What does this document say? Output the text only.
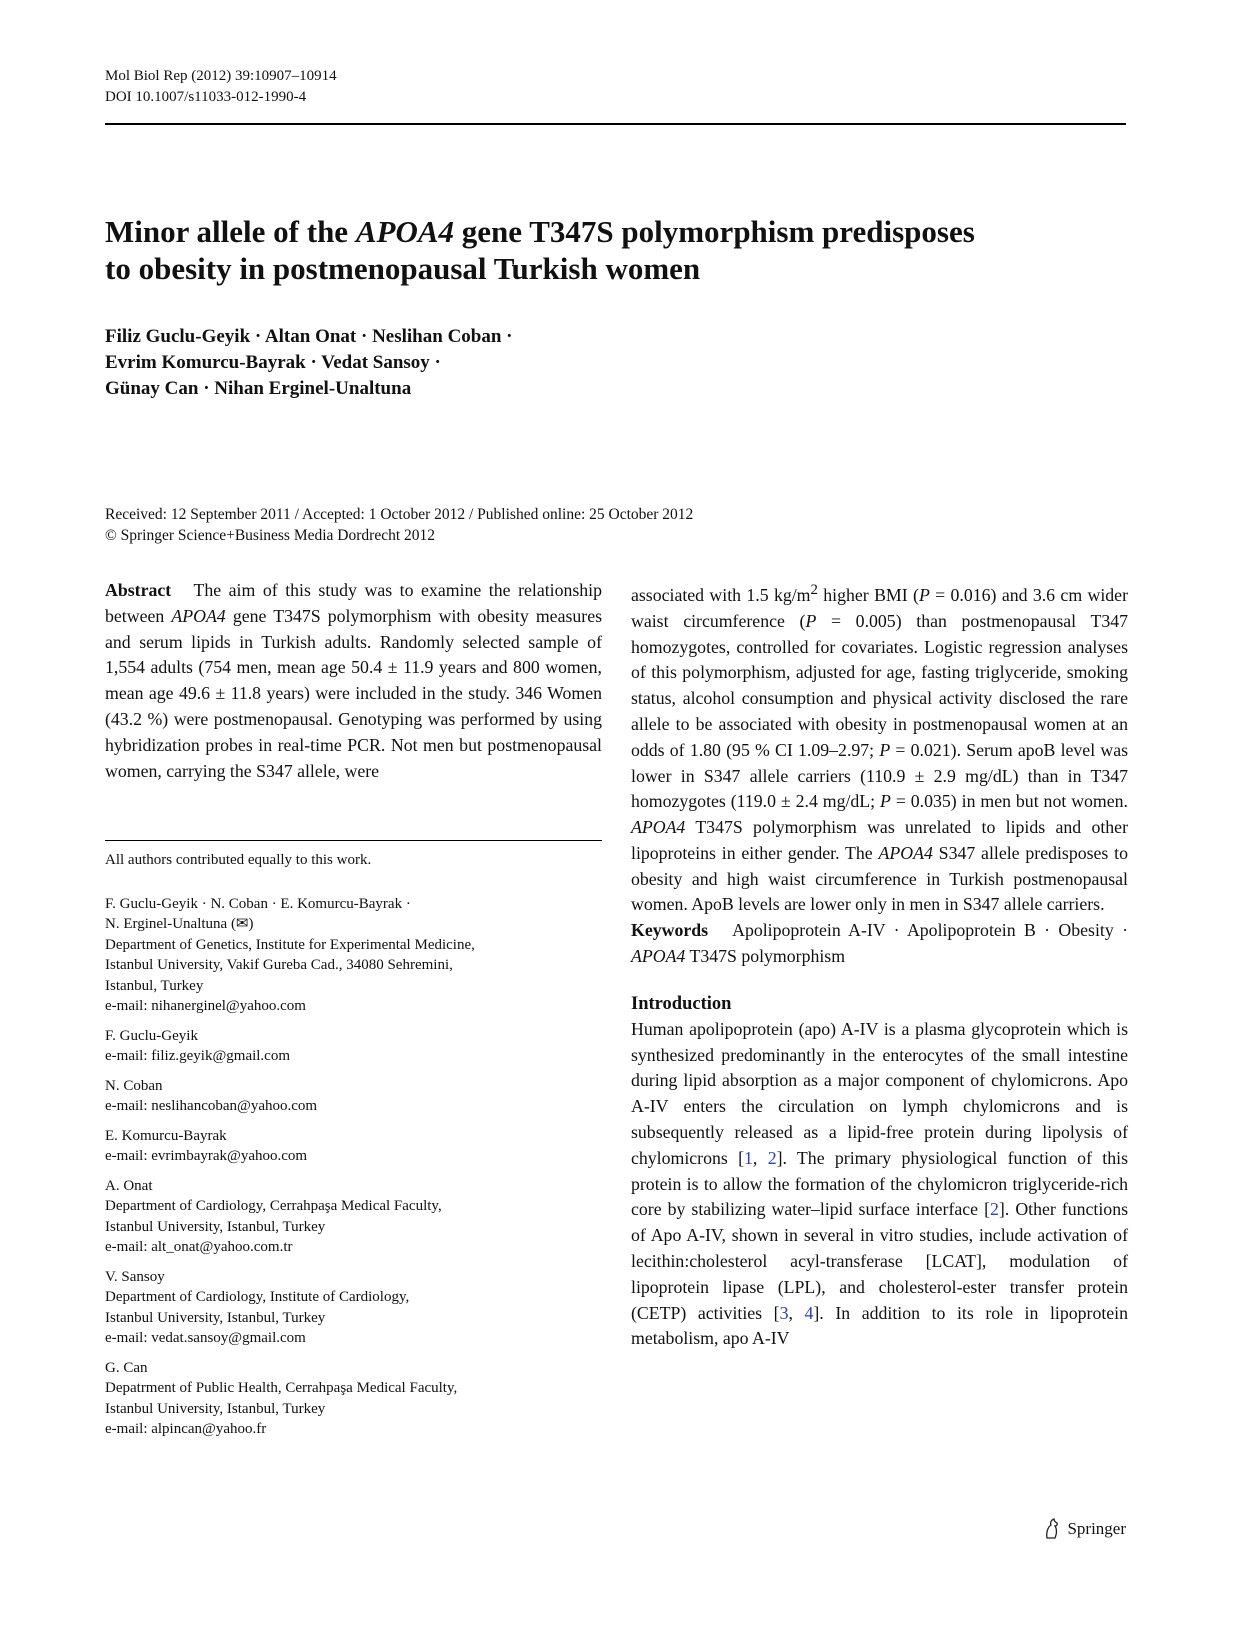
Mol Biol Rep (2012) 39:10907–10914
DOI 10.1007/s11033-012-1990-4
Minor allele of the APOA4 gene T347S polymorphism predisposes
to obesity in postmenopausal Turkish women
Filiz Guclu-Geyik · Altan Onat · Neslihan Coban ·
Evrim Komurcu-Bayrak · Vedat Sansoy ·
Günay Can · Nihan Erginel-Unaltuna
Received: 12 September 2011 / Accepted: 1 October 2012 / Published online: 25 October 2012
© Springer Science+Business Media Dordrecht 2012

Abstract The aim of this study was to examine the relationship between APOA4 gene T347S polymorphism with obesity measures and serum lipids in Turkish adults. Randomly selected sample of 1,554 adults (754 men, mean age 50.4 ± 11.9 years and 800 women, mean age 49.6 ± 11.8 years) were included in the study. 346 Women (43.2 %) were postmenopausal. Genotyping was performed by using hybridization probes in real-time PCR. Not men but postmenopausal women, carrying the S347 allele, were

All authors contributed equally to this work.
F. Guclu-Geyik · N. Coban · E. Komurcu-Bayrak ·
N. Erginel-Unaltuna (✉)
Department of Genetics, Institute for Experimental Medicine,
Istanbul University, Vakif Gureba Cad., 34080 Sehremini,
Istanbul, Turkey
e-mail: nihanerginel@yahoo.com
F. Guclu-Geyik
e-mail: filiz.geyik@gmail.com
N. Coban
e-mail: neslihancoban@yahoo.com
E. Komurcu-Bayrak
e-mail: evrimbayrak@yahoo.com
A. Onat
Department of Cardiology, Cerrahpaşa Medical Faculty,
Istanbul University, Istanbul, Turkey
e-mail: alt_onat@yahoo.com.tr
V. Sansoy
Department of Cardiology, Institute of Cardiology,
Istanbul University, Istanbul, Turkey
e-mail: vedat.sansoy@gmail.com
G. Can
Depatrment of Public Health, Cerrahpaşa Medical Faculty,
Istanbul University, Istanbul, Turkey
e-mail: alpincan@yahoo.fr

associated with 1.5 $kg/m^2$ higher BMI (P = 0.016) and 3.6 cm wider waist circumference (P = 0.005) than postmenopausal T347 homozygotes, controlled for covariates. Logistic regression analyses of this polymorphism, adjusted for age, fasting triglyceride, smoking status, alcohol consumption and physical activity disclosed the rare allele to be associated with obesity in postmenopausal women at an odds of 1.80 (95 % CI 1.09–2.97; P = 0.021). Serum apoB level was lower in S347 allele carriers (110.9 ± 2.9 mg/dL) than in T347 homozygotes (119.0 ± 2.4 mg/dL; P = 0.035) in men but not women. APOA4 T347S polymorphism was unrelated to lipids and other lipoproteins in either gender. The APOA4 S347 allele predisposes to obesity and high waist circumference in Turkish postmenopausal women. ApoB levels are lower only in men in S347 allele carriers.

Keywords Apolipoprotein A-IV · Apolipoprotein B · Obesity · APOA4 T347S polymorphism

Introduction

Human apolipoprotein (apo) A-IV is a plasma glycoprotein which is synthesized predominantly in the enterocytes of the small intestine during lipid absorption as a major component of chylomicrons. Apo A-IV enters the circulation on lymph chylomicrons and is subsequently released as a lipid-free protein during lipolysis of chylomicrons [1, 2]. The primary physiological function of this protein is to allow the formation of the chylomicron triglyceride-rich core by stabilizing water–lipid surface interface [2]. Other functions of Apo A-IV, shown in several in vitro studies, include activation of lecithin:cholesterol acyl-transferase [LCAT], modulation of lipoprotein lipase (LPL), and cholesterol-ester transfer protein (CETP) activities [3, 4]. In addition to its role in lipoprotein metabolism, apo A-IV

Springer
